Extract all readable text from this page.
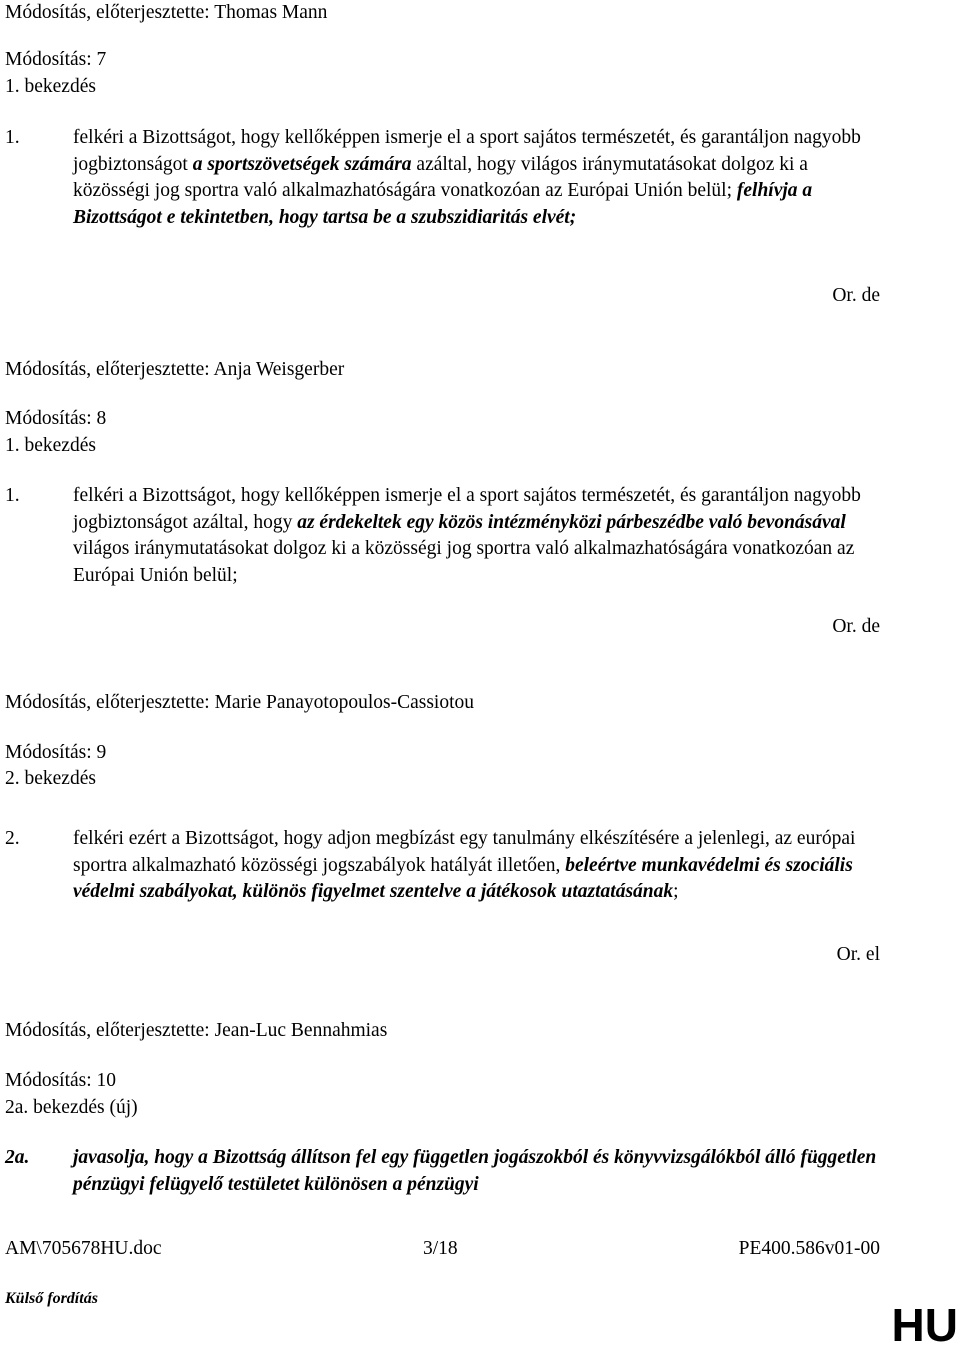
Módosítás, előterjesztette: Thomas Mann
Módosítás: 7
1. bekezdés
1.	felkéri a Bizottságot, hogy kellőképpen ismerje el a sport sajátos természetét, és garantáljon nagyobb jogbiztonságot a sportszövetségek számára azáltal, hogy világos iránymutatásokat dolgoz ki a közösségi jog sportra való alkalmazhatóságára vonatkozóan az Európai Unión belül; felhívja a Bizottságot e tekintetben, hogy tartsa be a szubszidiaritás elvét;
Or. de
Módosítás, előterjesztette: Anja Weisgerber
Módosítás: 8
1. bekezdés
1.	felkéri a Bizottságot, hogy kellőképpen ismerje el a sport sajátos természetét, és garantáljon nagyobb jogbiztonságot azáltal, hogy az érdekeltek egy közös intézményközi párbeszédbe való bevonásával világos iránymutatásokat dolgoz ki a közösségi jog sportra való alkalmazhatóságára vonatkozóan az Európai Unión belül;
Or. de
Módosítás, előterjesztette: Marie Panayotopoulos-Cassiotou
Módosítás: 9
2. bekezdés
2.	felkéri ezért a Bizottságot, hogy adjon megbízást egy tanulmány elkészítésére a jelenlegi, az európai sportra alkalmazható közösségi jogszabályok hatályát illetően, beleértve munkavédelmi és szociális védelmi szabályokat, különös figyelmet szentelve a játékosok utaztatásának;
Or. el
Módosítás, előterjesztette: Jean-Luc Bennahmias
Módosítás: 10
2a. bekezdés (új)
2a. javasolja, hogy a Bizottság állítson fel egy független jogászokból és könyvvizsgálókból álló független pénzügyi felügyelő testületet különösen a pénzügyi
AM\705678HU.doc	3/18	PE400.586v01-00
Külső fordítás
HU
